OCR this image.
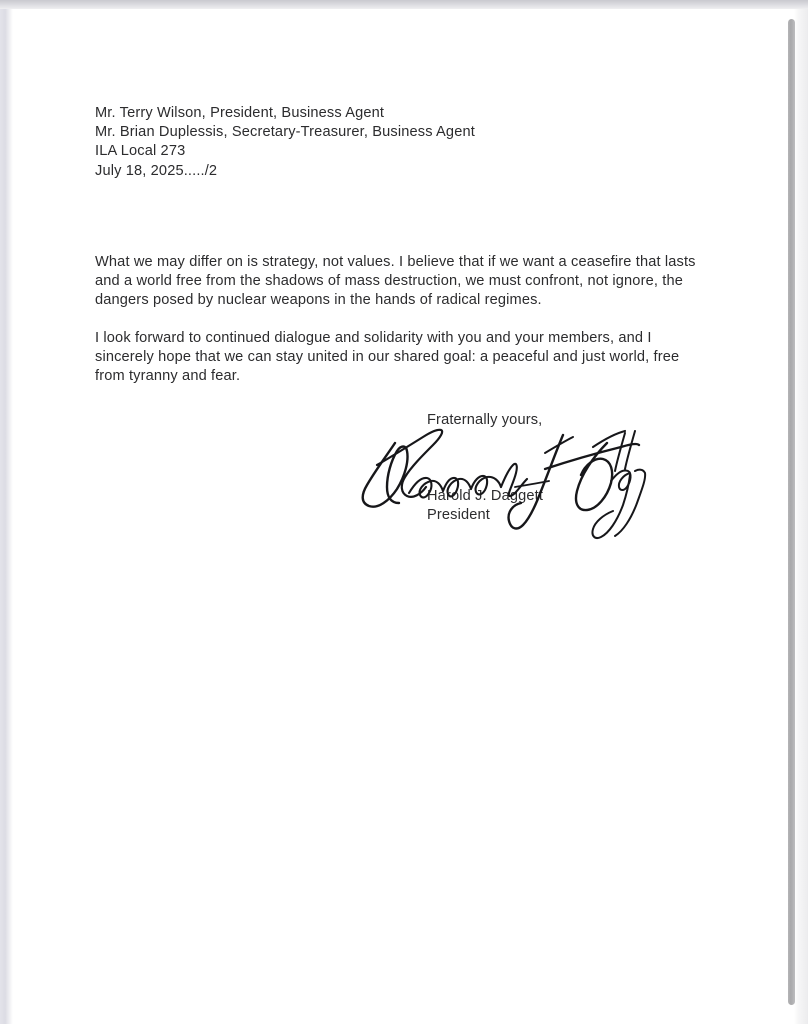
Mr. Terry Wilson, President, Business Agent
Mr. Brian Duplessis, Secretary-Treasurer, Business Agent
ILA Local 273
July 18, 2025...../2

What we may differ on is strategy, not values. I believe that if we want a ceasefire that lasts and a world free from the shadows of mass destruction, we must confront, not ignore, the dangers posed by nuclear weapons in the hands of radical regimes.

I look forward to continued dialogue and solidarity with you and your members, and I sincerely hope that we can stay united in our shared goal: a peaceful and just world, free from tyranny and fear.

Fraternally yours,
Harold J. Daggett
President
